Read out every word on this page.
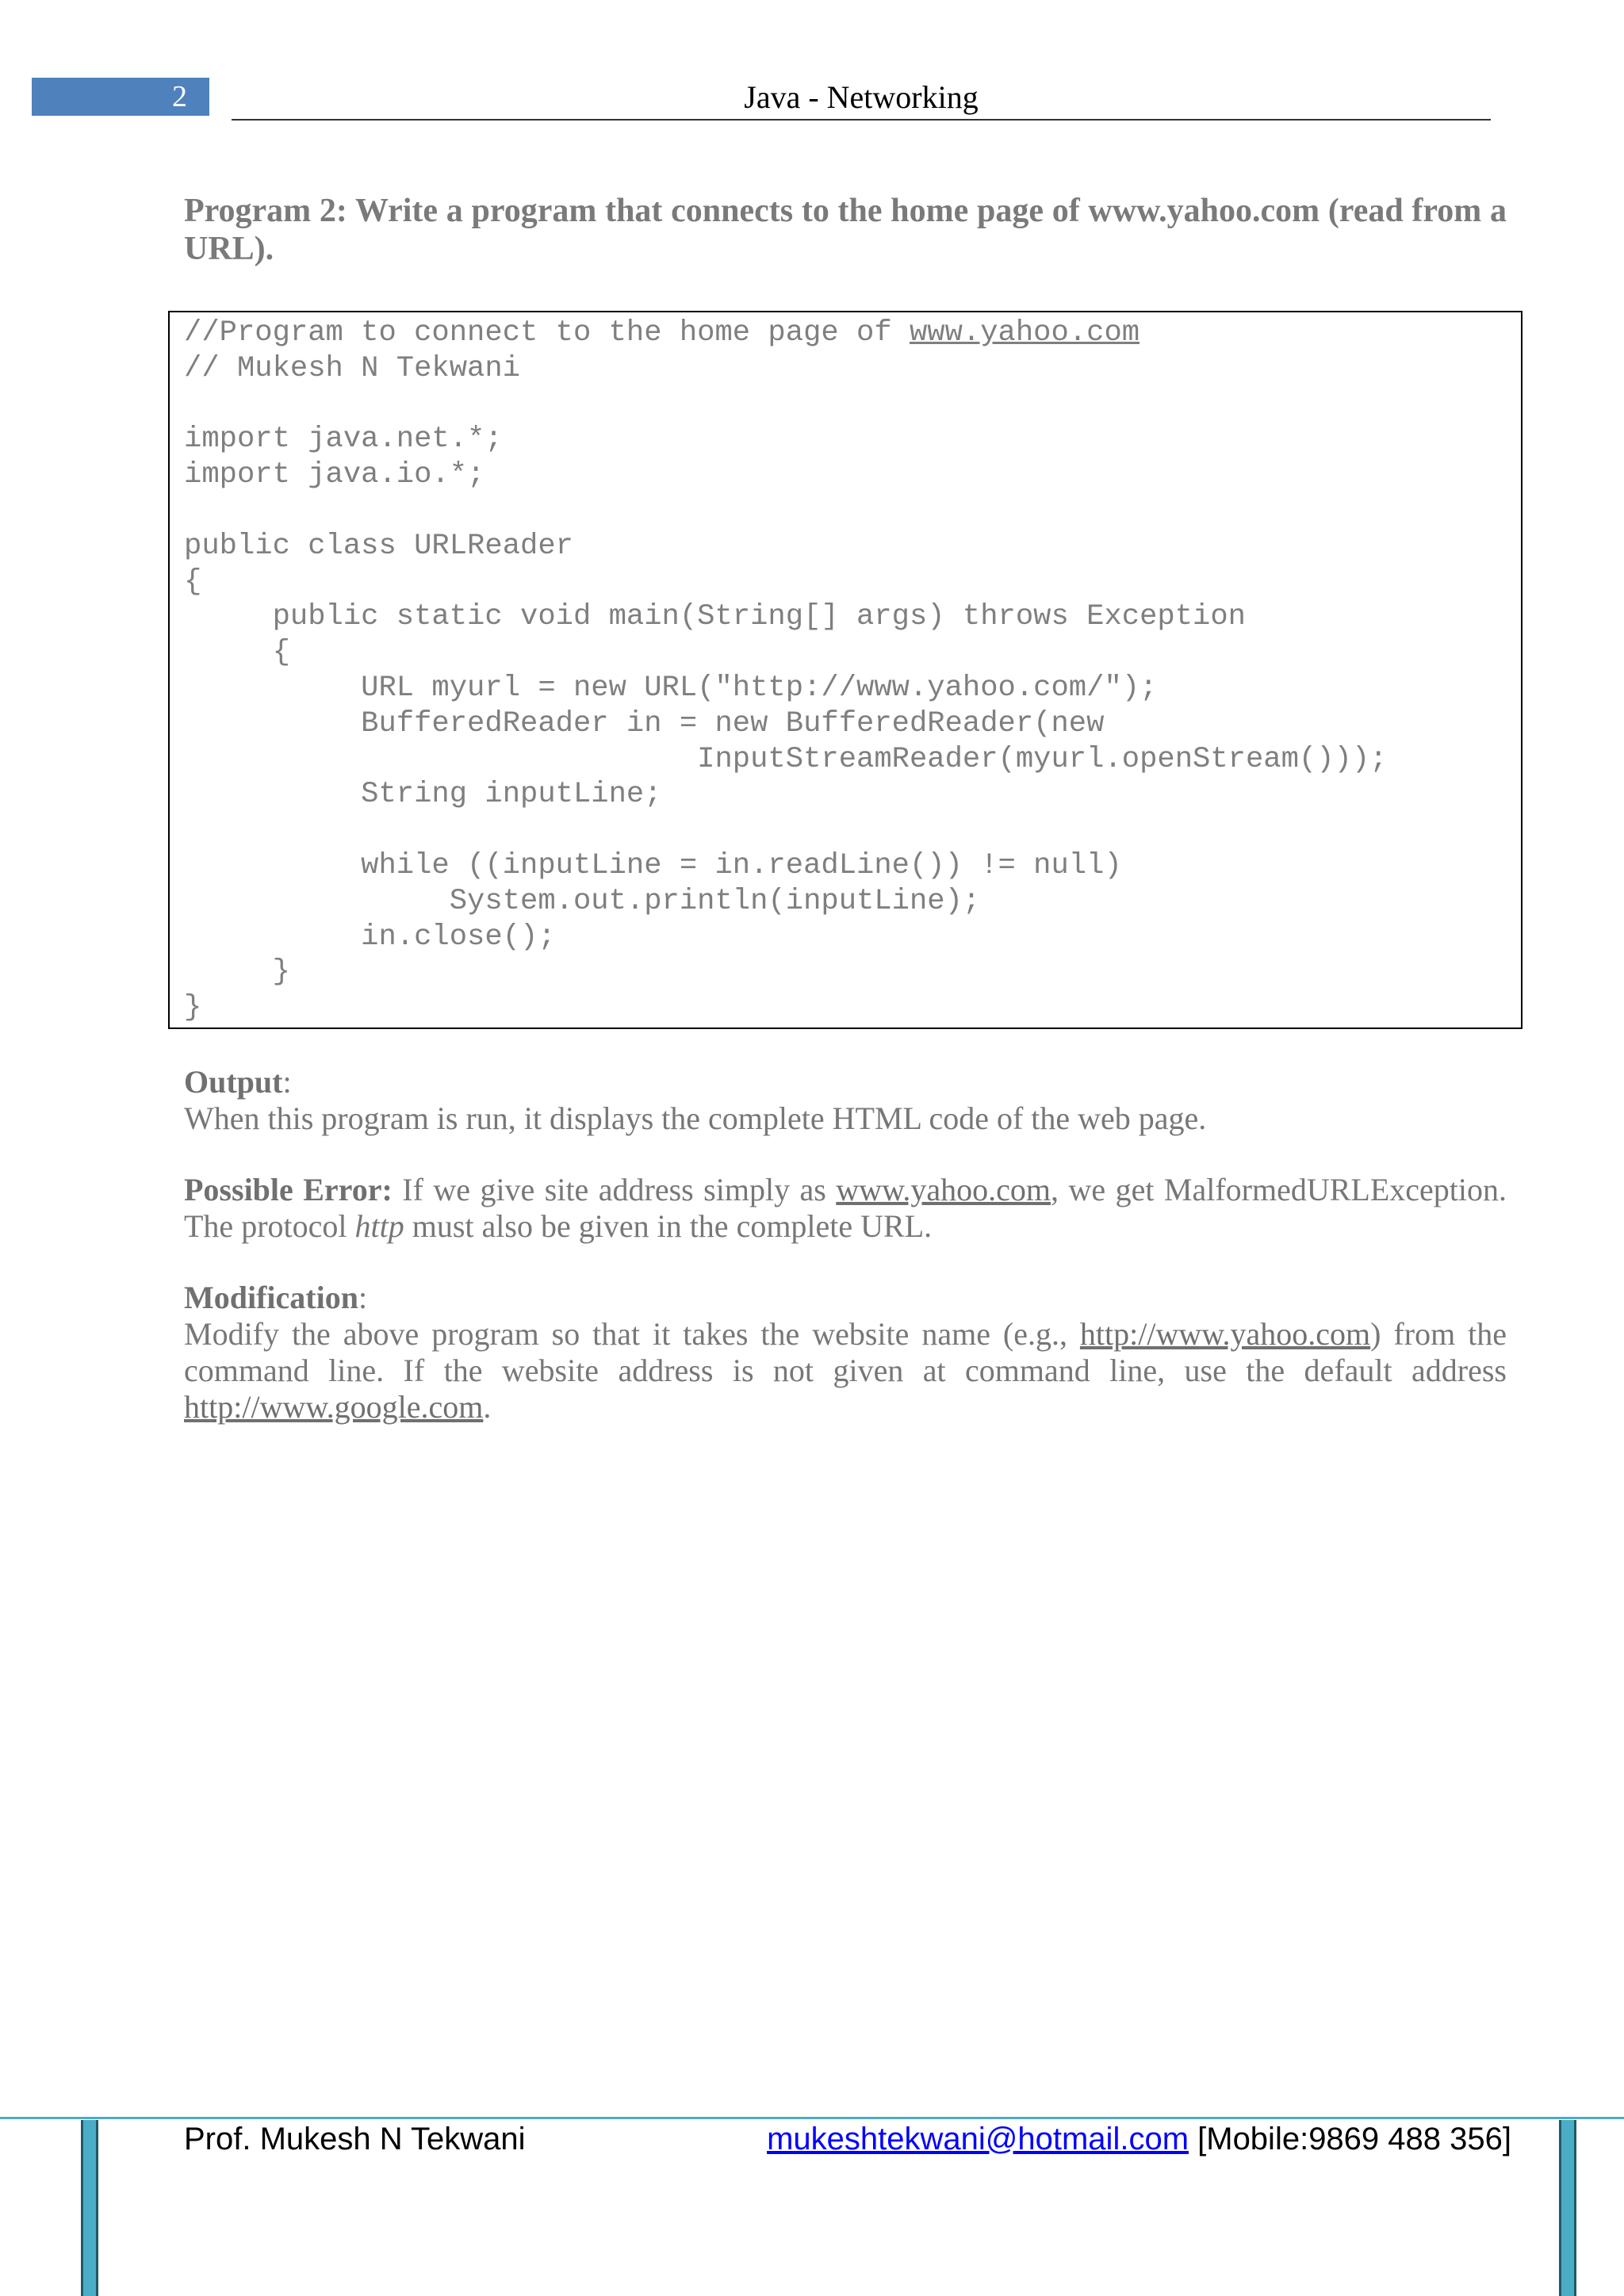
2	Java - Networking
Program 2: Write a program that connects to the home page of www.yahoo.com (read from a URL).
//Program to connect to the home page of www.yahoo.com
// Mukesh N Tekwani
import java.net.*;
import java.io.*;
public class URLReader
{
public static void main(String[] args) throws Exception
{
URL myurl = new URL("http://www.yahoo.com/");
BufferedReader in = new BufferedReader(new
InputStreamReader(myurl.openStream()));
String inputLine;
while ((inputLine = in.readLine()) != null)
System.out.println(inputLine);
in.close();
}
}
Output:
When this program is run, it displays the complete HTML code of the web page.
Possible Error: If we give site address simply as www.yahoo.com, we get MalformedURLException. The protocol http must also be given in the complete URL.
Modification:
Modify the above program so that it takes the website name (e.g., http://www.yahoo.com) from the command line. If the website address is not given at command line, use the default address http://www.google.com.
Prof. Mukesh N Tekwani	mukeshtekwani@hotmail.com [Mobile:9869 488 356]
